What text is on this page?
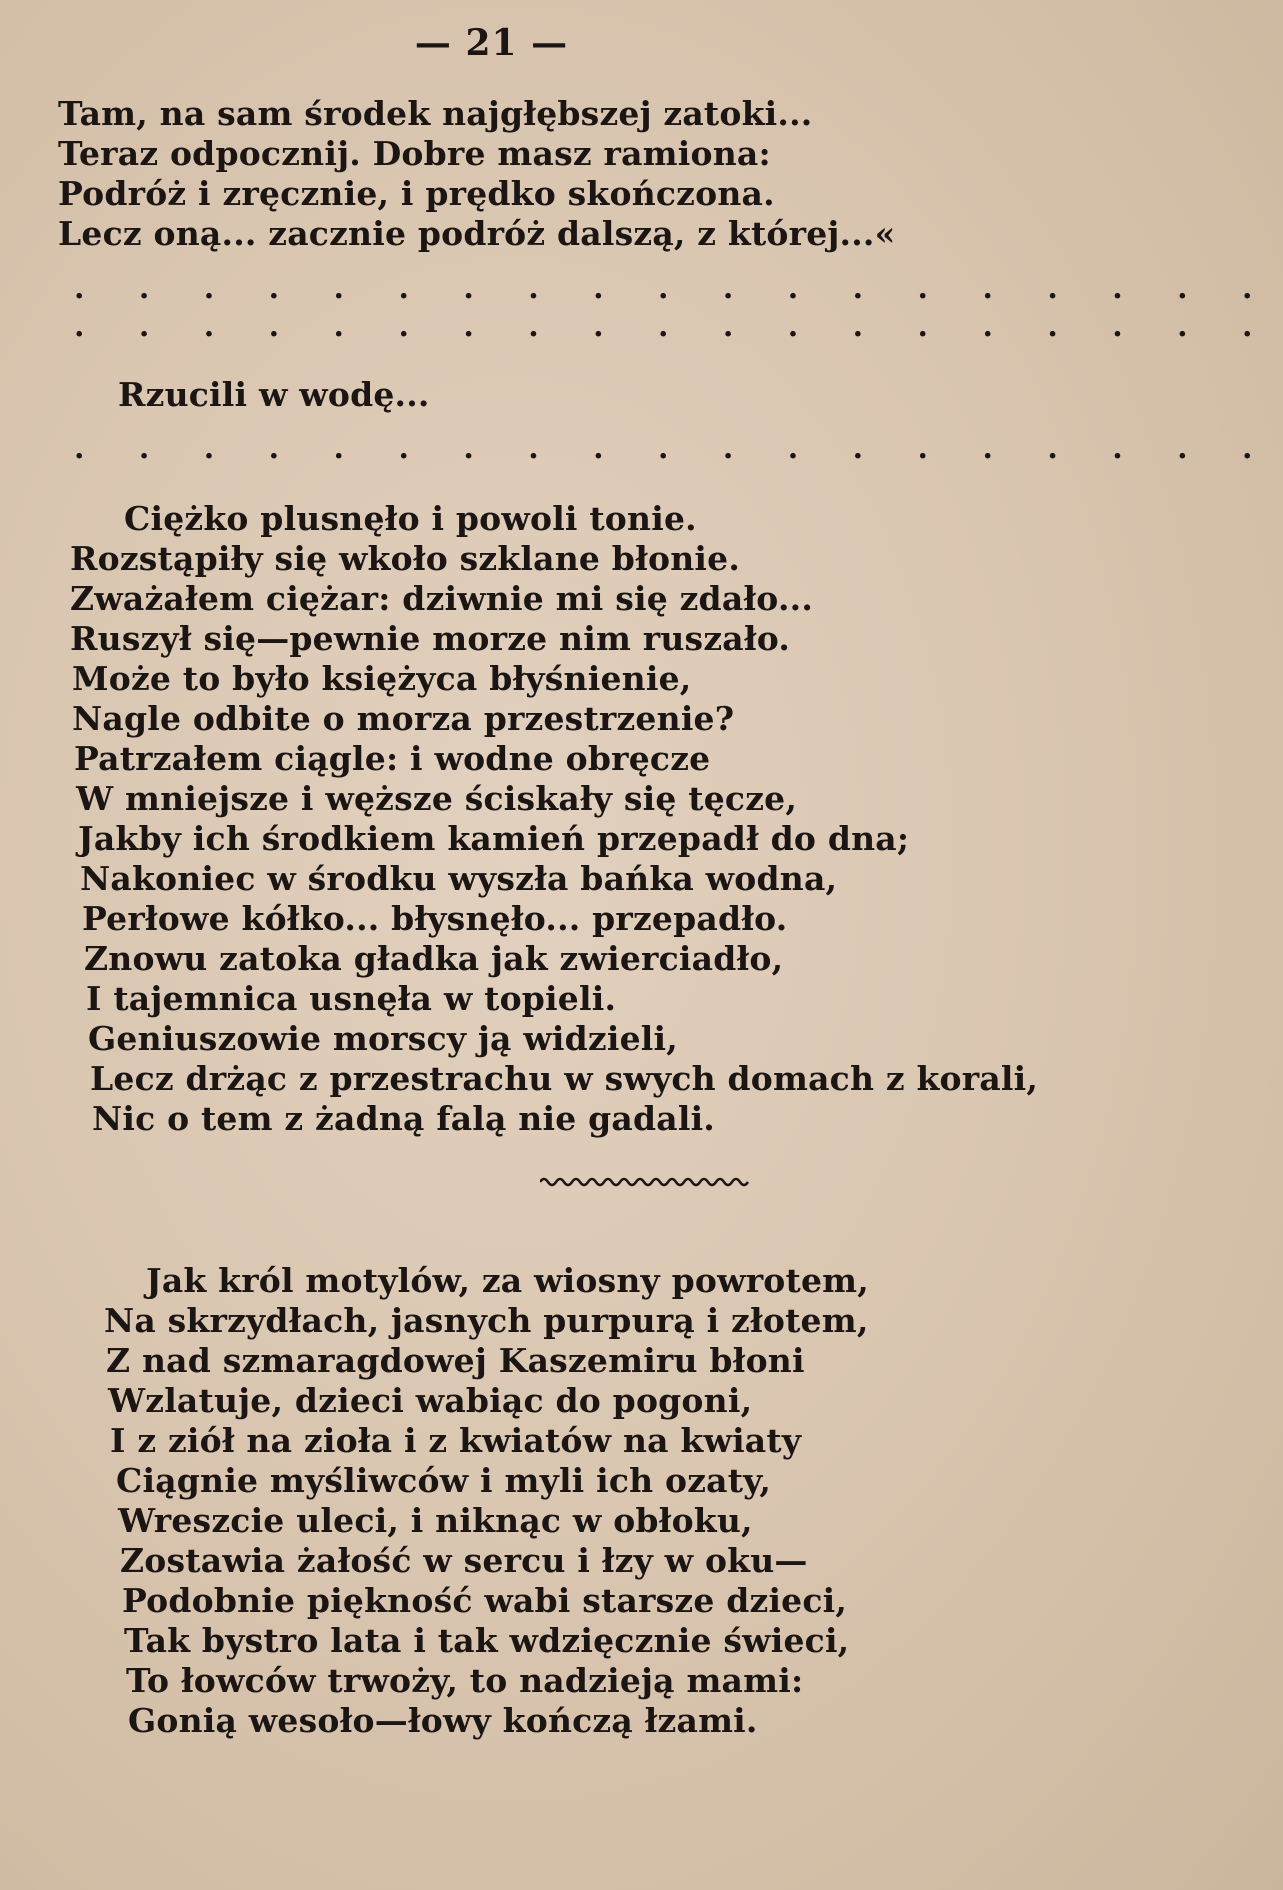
— 21 —
Tam, na sam środek najgłębszej zatoki...
Teraz odpocznij. Dobre masz ramiona:
Podróż i zręcznie, i prędko skończona.
Lecz oną... zacznie podróż dalszą, z której...«
. . . . . . . . . . . . . . . . . . .
. . . . . . . . . . . . . . . . . . .
Rzucili w wodę...
. . . . . . . . . . . . . . . . . . .
Ciężko plusnęło i powoli tonie.
Rozstąpiły się wkoło szklane błonie.
Zważałem ciężar: dziwnie mi się zdało...
Ruszył się—pewnie morze nim ruszało.
Może to było księżyca błyśnienie,
Nagle odbite o morza przestrzenie?
Patrzałem ciągle: i wodne obręcze
W mniejsze i węższe ściskały się tęcze,
Jakby ich środkiem kamień przepadł do dna;
Nakoniec w środku wyszła bańka wodna,
Perłowe kółko... błysnęło... przepadło.
Znowu zatoka gładka jak zwierciadło,
I tajemnica usnęła w topieli.
Geniuszowie morscy ją widzieli,
Lecz drżąc z przestrachu w swych domach z korali,
Nic o tem z żadną falą nie gadali.
Jak król motylów, za wiosny powrotem,
Na skrzydłach, jasnych purpurą i złotem,
Z nad szmaragdowej Kaszemiru błoni
Wzlatuje, dzieci wabiąc do pogoni,
I z ziół na zioła i z kwiatów na kwiaty
Ciągnie myśliwców i myli ich ozaty,
Wreszcie uleci, i niknąc w obłoku,
Zostawia żałość w sercu i łzy w oku—
Podobnie piękność wabi starsze dzieci,
Tak bystro lata i tak wdzięcznie świeci,
To łowców trwoży, to nadzieją mami:
Gonią wesoło—łowy kończą łzami.
